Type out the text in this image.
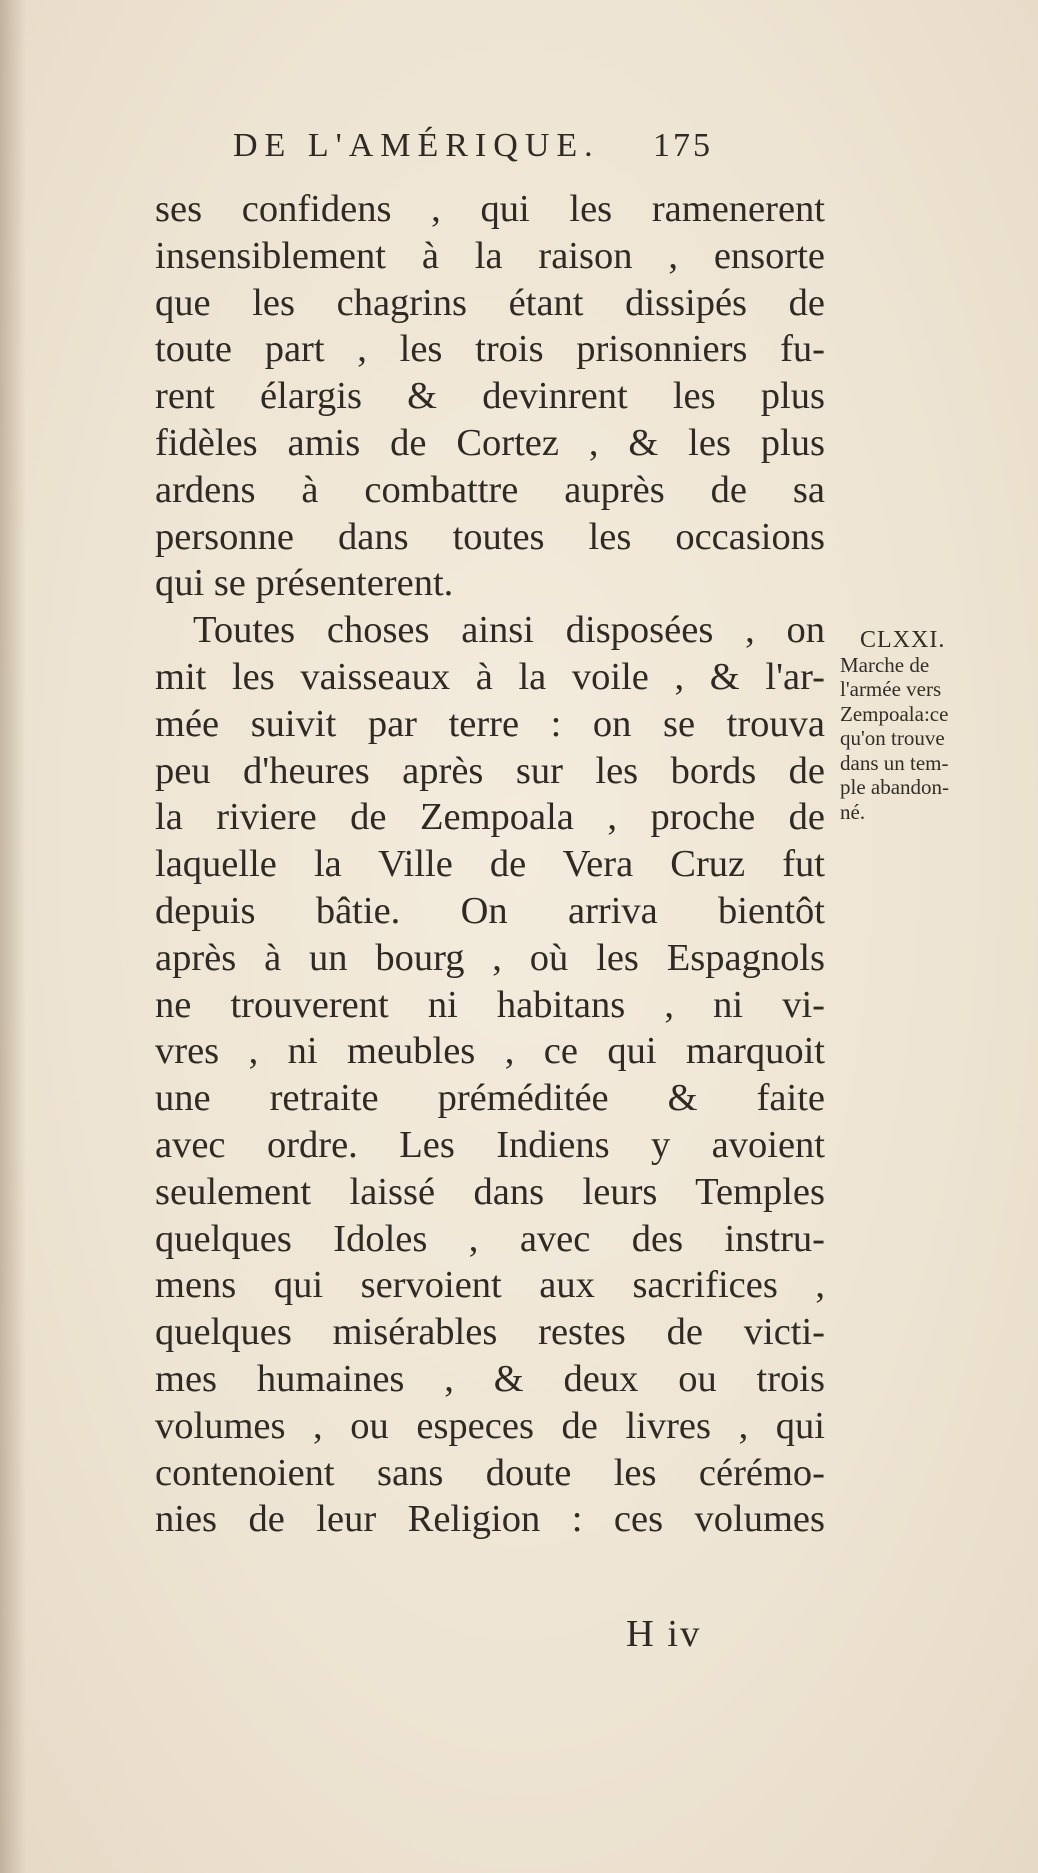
DE L'AMÉRIQUE. 175
ses confidens , qui les ramenerent
insensiblement à la raison , ensorte
que les chagrins étant dissipés de
toute part , les trois prisonniers fu-
rent élargis & devinrent les plus
fidèles amis de Cortez , & les plus
ardens à combattre auprès de sa
personne dans toutes les occasions
qui se présenterent.
Toutes choses ainsi disposées , on
mit les vaisseaux à la voile , & l'ar-
mée suivit par terre : on se trouva
peu d'heures après sur les bords de
la riviere de Zempoala , proche de
laquelle la Ville de Vera Cruz fut
depuis bâtie. On arriva bientôt
après à un bourg , où les Espagnols
ne trouverent ni habitans , ni vi-
vres , ni meubles , ce qui marquoit
une retraite préméditée & faite
avec ordre. Les Indiens y avoient
seulement laissé dans leurs Temples
quelques Idoles , avec des instru-
mens qui servoient aux sacrifices ,
quelques misérables restes de victi-
mes humaines , & deux ou trois
volumes , ou especes de livres , qui
contenoient sans doute les cérémo-
nies de leur Religion : ces volumes
H iv
CLXXI.
Marche de
l'armée vers
Zempoala:ce
qu'on trouve
dans un tem-
ple abandon-
né.
